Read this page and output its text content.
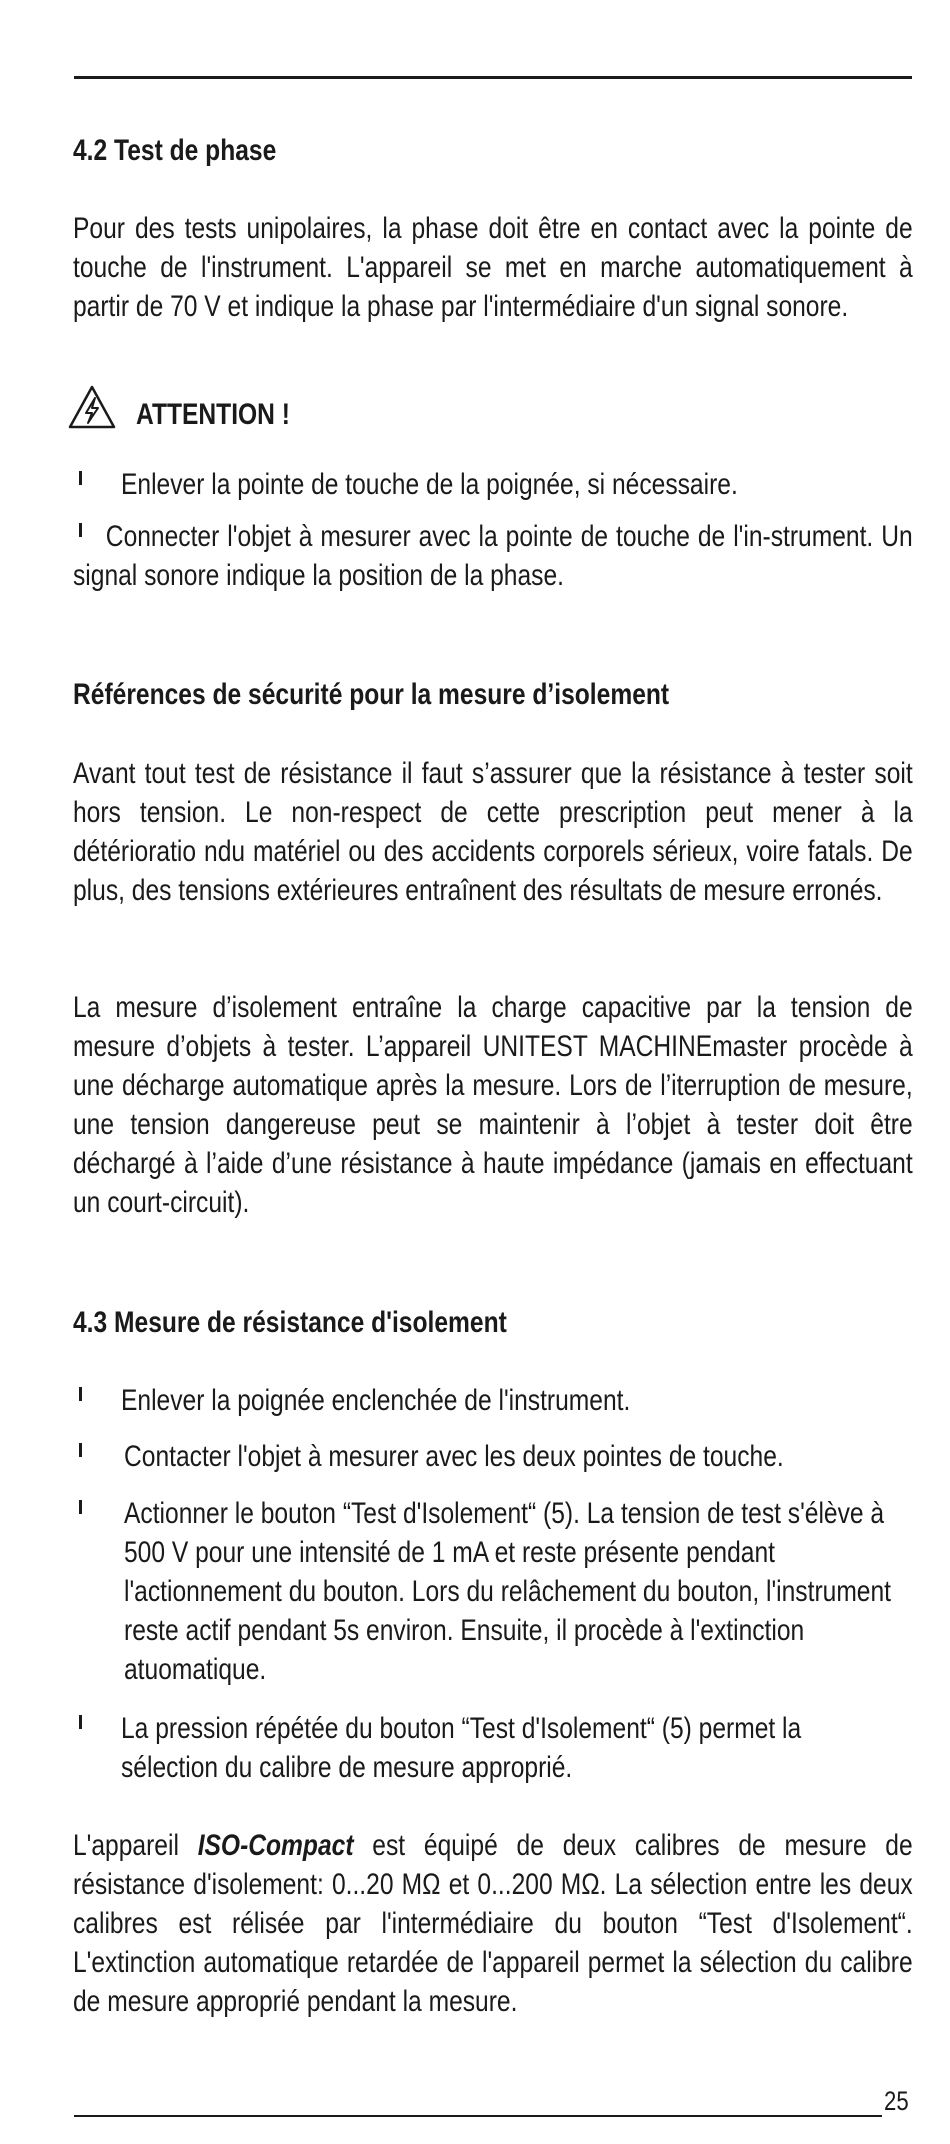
4.2 Test de phase
Pour des tests unipolaires, la phase doit être en contact avec la pointe de touche de l'instrument. L'appareil se met en marche automatiquement à partir de 70 V et indique la phase par l'intermédiaire d'un signal sonore.
ATTENTION !
Enlever la pointe de touche de la poignée, si nécessaire.
Connecter l'objet à mesurer avec la pointe de touche de l'in-strument. Un signal sonore indique la position de la phase.
Références de sécurité pour la mesure d’isolement
Avant tout test de résistance il faut s’assurer que la résistance à tester soit hors tension. Le non-respect de cette prescription peut mener à la détérioratio ndu matériel ou des accidents corporels sérieux, voire fatals. De plus, des tensions extérieures entraînent des résultats de mesure erronés.
La mesure d’isolement entraîne la charge capacitive par la tension de mesure d’objets à tester. L’appareil UNITEST MACHINEmaster procède à une décharge automatique après la mesure. Lors de l’iterruption de mesure, une tension dangereuse peut se maintenir à l’objet à tester doit être déchargé à l’aide d’une résistance à haute impédance (jamais en effectuant un court-circuit).
4.3 Mesure de résistance d'isolement
Enlever la poignée enclenchée de l'instrument.
Contacter l'objet à mesurer avec les deux pointes de touche.
Actionner le bouton “Test d'Isolement“ (5). La tension de test s'élève à 500 V pour une intensité de 1 mA et reste présente pendant l'actionnement du bouton. Lors du relâchement du bouton, l'instrument reste actif pendant 5s environ. Ensuite, il procède à l'extinction atuomatique.
La pression répétée du bouton “Test d'Isolement“ (5) permet la sélection du calibre de mesure approprié.
L'appareil ISO-Compact est équipé de deux calibres de mesure de résistance d'isolement: 0...20 MΩ et 0...200 MΩ. La sélection entre les deux calibres est rélisée par l'intermédiaire du bouton “Test d'Isolement“. L'extinction automatique retardée de l'appareil permet la sélection du calibre de mesure approprié pendant la mesure.
25
